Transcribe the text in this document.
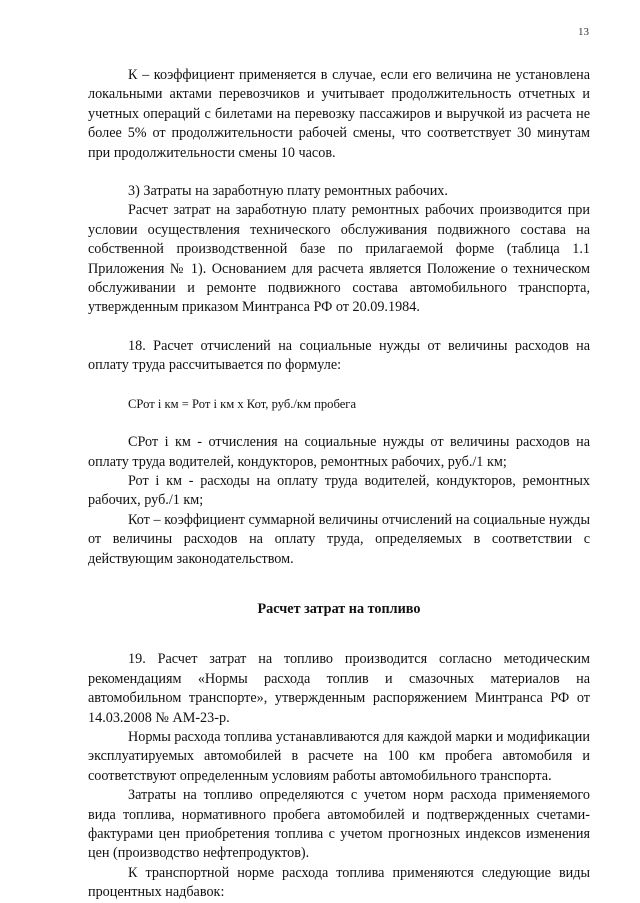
13

К – коэффициент применяется в случае, если его величина не установлена локальными актами перевозчиков и учитывает продолжительность отчетных и учетных операций с билетами на перевозку пассажиров и выручкой из расчета не более 5% от продолжительности рабочей смены, что соответствует 30 минутам при продолжительности смены 10 часов.

3) Затраты на заработную плату ремонтных рабочих.

Расчет затрат на заработную плату ремонтных рабочих производится при условии осуществления технического обслуживания подвижного состава на собственной производственной базе по прилагаемой форме (таблица 1.1 Приложения № 1). Основанием для расчета является Положение о техническом обслуживании и ремонте подвижного состава автомобильного транспорта, утвержденным приказом Минтранса РФ от 20.09.1984.

18. Расчет отчислений на социальные нужды от величины расходов на оплату труда рассчитывается по формуле:

СРот i км = Рот i км х Кот, руб./км пробега

СРот i км - отчисления на социальные нужды от величины расходов на оплату труда водителей, кондукторов, ремонтных рабочих, руб./1 км;

Рот i км - расходы на оплату труда водителей, кондукторов, ремонтных рабочих, руб./1 км;

Кот – коэффициент суммарной величины отчислений на социальные нужды от величины расходов на оплату труда, определяемых в соответствии с действующим законодательством.

Расчет затрат на топливо

19. Расчет затрат на топливо производится согласно методическим рекомендациям «Нормы расхода топлив и смазочных материалов на автомобильном транспорте», утвержденным распоряжением Минтранса РФ от 14.03.2008 № АМ-23-р.

Нормы расхода топлива устанавливаются для каждой марки и модификации эксплуатируемых автомобилей в расчете на 100 км пробега автомобиля и соответствуют определенным условиям работы автомобильного транспорта.

Затраты на топливо определяются с учетом норм расхода применяемого вида топлива, нормативного пробега автомобилей и подтвержденных счетами-фактурами цен приобретения топлива с учетом прогнозных индексов изменения цен (производство нефтепродуктов).

К транспортной норме расхода топлива применяются следующие виды процентных надбавок:
